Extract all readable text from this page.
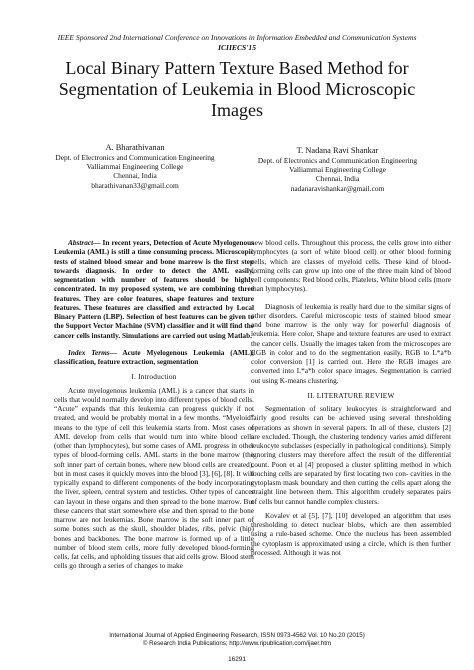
IEEE Sponsored 2nd International Conference on Innovations in Information Embedded and Communication Systems
ICIIECS'15
Local Binary Pattern Texture Based Method for
Segmentation of Leukemia in Blood Microscopic
Images
A. Bharathivanan
Dept. of Electronics and Communication Engineering
Valliammai Engineering College
Chennai, India
bharathivanan33@gmail.com
T. Nadana Ravi Shankar
Dept. of Electronics and Communication Engineering
Valliammai Engineering College
Chennai, India
nadanaravishankar@gmail.com

Abstract— In recent years, Detection of Acute Myelogenous Leukemia (AML) is still a time consuming process. Microscopic tests of stained blood smear and bone marrow is the first step towards diagnosis. In order to detect the AML easily, segmentation with number of features should be highly concentrated. In my proposed system, we are combining three features. They are color features, shape features and texture features. These features are classified and extracted by Local Binary Pattern (LBP). Selection of best features can be given to the Support Vector Machine (SVM) classifier and it will find the cancer cells instantly. Simulations are carried out using Matlab.

Index Terms— Acute Myelogenous Leukemia (AML), classification, feature extraction, segmentation

I. Introduction

Acute myelogenous leukemia (AML) is a cancer that starts in cells that would normally develop into different types of blood cells. “Acute” expands that this leukemia can progress quickly if not treated, and would be probably mortal in a few months. “Myeloid” means to the type of cell this leukemia starts from. Most cases of AML develop from cells that would turn into white blood cells (other than lymphocytes), but some cases of AML progress in other types of blood-forming cells. AML starts in the bone marrow (the soft inner part of certain bones, where new blood cells are created), but in most cases it quickly moves into the blood [3], [6], [8]. It will typically expand to different components of the body incorporating the liver, spleen, central system and testicles. Other types of cancer can layout in these organs and then spread to the bone marrow. But these cancers that start somewhere else and then spread to the bone marrow are not leukemias. Bone marrow is the soft inner part of some bones such as the skull, shoulder blades, ribs, pelvic (hip) bones and backbones. The bone marrow is formed up of a little number of blood stem cells, more fully developed blood-forming cells, fat cells, and upholding tissues that aid cells grow. Blood stem cells go through a series of changes to make

new blood cells. Throughout this process, the cells grow into either lymphocytes (a sort of white blood cell) or other blood forming cells, which are classes of myeloid cells. These kind of blood-forming cells can grow up into one of the three main kind of blood cell components: Red blood cells, Platelets, White blood cells (more than lymphocytes).

Diagnosis of leukemia is really hard due to the similar signs of other disorders. Careful microscopic tests of stained blood smear and bone marrow is the only way for powerful diagnosis of leukemia. Here color, Shape and texture features are used to extract the cancer cells. Usually the images taken from the microscopes are RGB in color and to do the segmentation easily, RGB to L*a*b color conversion [1] is carried out. Here the RGB images are converted into L*a*b color space images. Segmentation is carried out using K-means clustering.

II. LITERATURE REVIEW

Segmentation of solitary leukocytes is straightforward and fairly good results can be achieved using several thresholding operations as shown in several papers. In all of these, clusters [2] are excluded. Though, the clustering tendency varies amid different leukocyte subclasses (especially in pathological conditions). Simply ignoring clusters may therefore affect the result of the differential count. Poon et al [4] proposed a cluster splitting method in which touching cells are separated by first locating two con- cavities in the cytoplasm mask boundary and then cutting the cells apart along the straight line between them. This algorithm crudely separates pairs of cells but cannot handle complex clusters.

Kovalev et al [5], [7], [10] developed an algorithm that uses thresholding to detect nuclear blobs, which are then assembled using a rule-based scheme. Once the nucleus has been assembled the cytoplasm is approximated using a circle, which is then further processed. Although it was not

International Journal of Applied Engineering Research, ISSN 0973-4562 Vol. 10 No.20 (2015)
© Research India Publications; http://www.ripublication.com/ijaer.htm
16291
